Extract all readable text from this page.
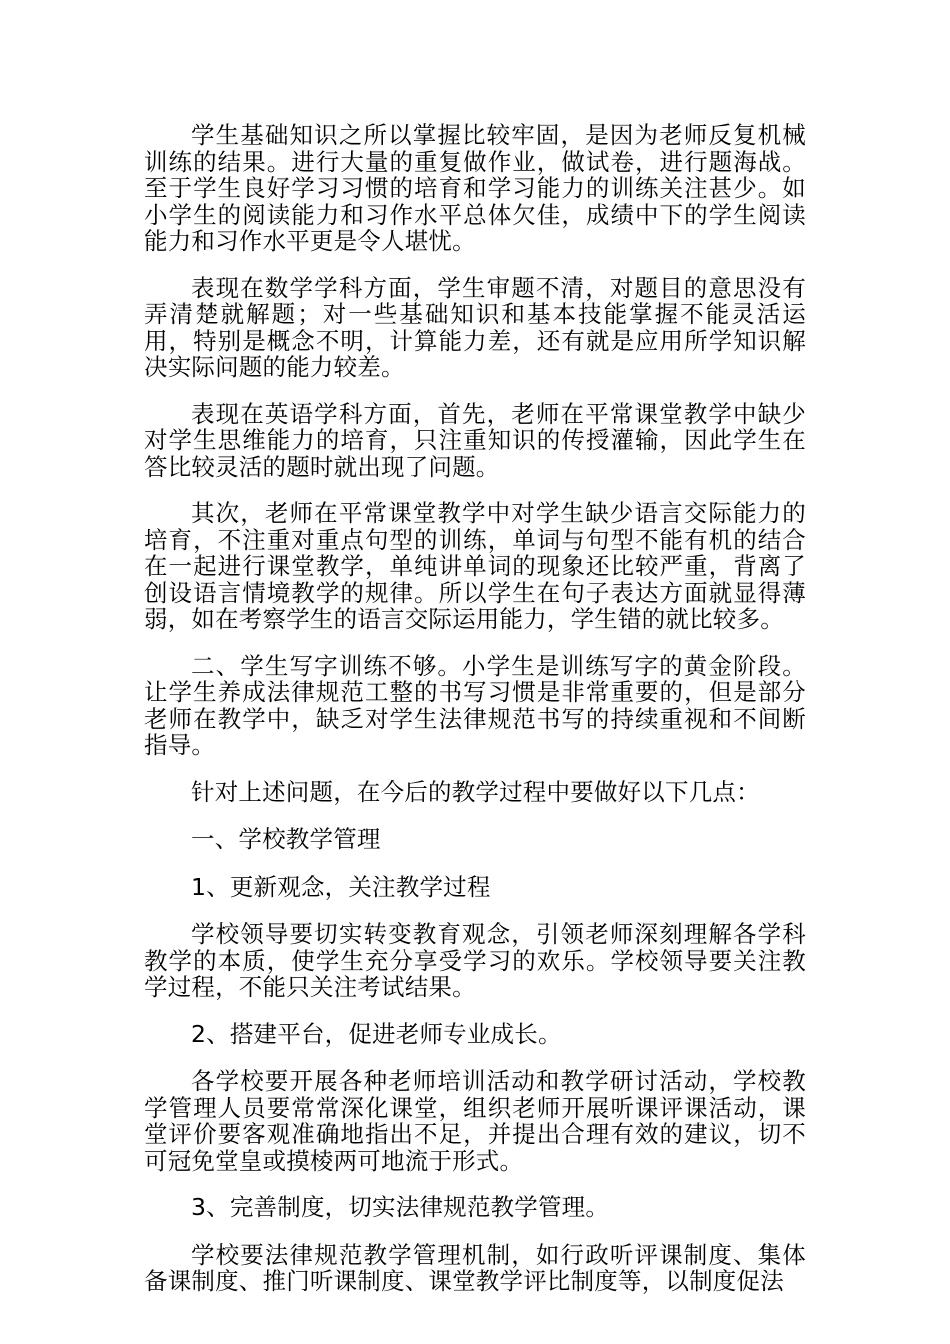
学生基础知识之所以掌握比较牢固，是因为老师反复机械训练的结果。进行大量的重复做作业，做试卷，进行题海战。至于学生良好学习习惯的培育和学习能力的训练关注甚少。如小学生的阅读能力和习作水平总体欠佳，成绩中下的学生阅读能力和习作水平更是令人堪忧。

表现在数学学科方面，学生审题不清，对题目的意思没有弄清楚就解题；对一些基础知识和基本技能掌握不能灵活运用，特别是概念不明，计算能力差，还有就是应用所学知识解决实际问题的能力较差。

表现在英语学科方面，首先，老师在平常课堂教学中缺少对学生思维能力的培育，只注重知识的传授灌输，因此学生在答比较灵活的题时就出现了问题。

其次，老师在平常课堂教学中对学生缺少语言交际能力的培育，不注重对重点句型的训练，单词与句型不能有机的结合在一起进行课堂教学，单纯讲单词的现象还比较严重，背离了创设语言情境教学的规律。所以学生在句子表达方面就显得薄弱，如在考察学生的语言交际运用能力，学生错的就比较多。

二、学生写字训练不够。小学生是训练写字的黄金阶段。让学生养成法律规范工整的书写习惯是非常重要的，但是部分老师在教学中，缺乏对学生法律规范书写的持续重视和不间断指导。

针对上述问题，在今后的教学过程中要做好以下几点：

一、学校教学管理

1、更新观念，关注教学过程

学校领导要切实转变教育观念，引领老师深刻理解各学科教学的本质，使学生充分享受学习的欢乐。学校领导要关注教学过程，不能只关注考试结果。

2、搭建平台，促进老师专业成长。

各学校要开展各种老师培训活动和教学研讨活动，学校教学管理人员要常常深化课堂，组织老师开展听课评课活动，课堂评价要客观准确地指出不足，并提出合理有效的建议，切不可冠免堂皇或摸棱两可地流于形式。

3、完善制度，切实法律规范教学管理。

学校要法律规范教学管理机制，如行政听评课制度、集体备课制度、推门听课制度、课堂教学评比制度等，以制度促法
